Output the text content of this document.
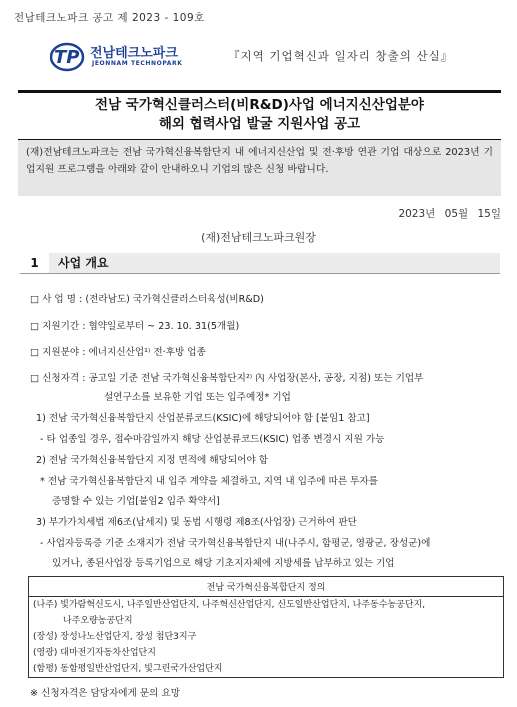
전남테크노파크 공고 제 2023 - 109호
TP 전남테크노파크
JEONNAM TECHNOPARK
『지역 기업혁신과 일자리 창출의 산실』
전남 국가혁신클러스터(비R&D)사업 에너지신산업분야
해외 협력사업 발굴 지원사업 공고

(재)전남테크노파크는 전남 국가혁신융복합단지 내 에너지신산업 및 전·후방 연관 기업 대상으로 2023년 기업지원 프로그램을 아래와 같이 안내하오니 기업의 많은 신청 바랍니다.

2023년 05월 15일
(재)전남테크노파크원장
1	사업 개요
□ 사 업 명 : (전라남도) 국가혁신클러스터육성(비R&D)
□ 지원기간 : 협약일로부터 ~ 23. 10. 31(5개월)
□ 지원분야 : 에너지신산업¹⁾ 전·후방 업종
□ 신청자격 : 공고일 기준 전남 국가혁신융복합단지²⁾ 內 사업장(본사, 공장, 지점) 또는 기업부
설연구소를 보유한 기업 또는 입주예정* 기업
1) 전남 국가혁신융복합단지 산업분류코드(KSIC)에 해당되어야 함 [붙임1 참고]
- 타 업종일 경우, 접수마감일까지 해당 산업분류코드(KSIC) 업종 변경시 지원 가능
2) 전남 국가혁신융복합단지 지정 면적에 해당되어야 함
* 전남 국가혁신융복합단지 내 입주 계약을 체결하고, 지역 내 입주에 따른 투자를
증명할 수 있는 기업[붙임2 입주 확약서]
3) 부가가치세법 제6조(납세지) 및 동법 시행령 제8조(사업장) 근거하여 판단
- 사업자등록증 기준 소재지가 전남 국가혁신융복합단지 내(나주시, 함평군, 영광군, 장성군)에
있거나, 종된사업장 등록기업으로 해당 기초지자체에 지방세를 납부하고 있는 기업
전남 국가혁신융복합단지 정의
(나주) 빛가람혁신도시, 나주일반산업단지, 나주혁신산업단지, 신도일반산업단지, 나주동수농공단지,
나주오량농공단지
(장성) 장성나노산업단지, 장성 첨단3지구
(영광) 대마전기자동차산업단지
(함평) 동함평일반산업단지, 빛그린국가산업단지
※ 신청자격은 담당자에게 문의 요망
